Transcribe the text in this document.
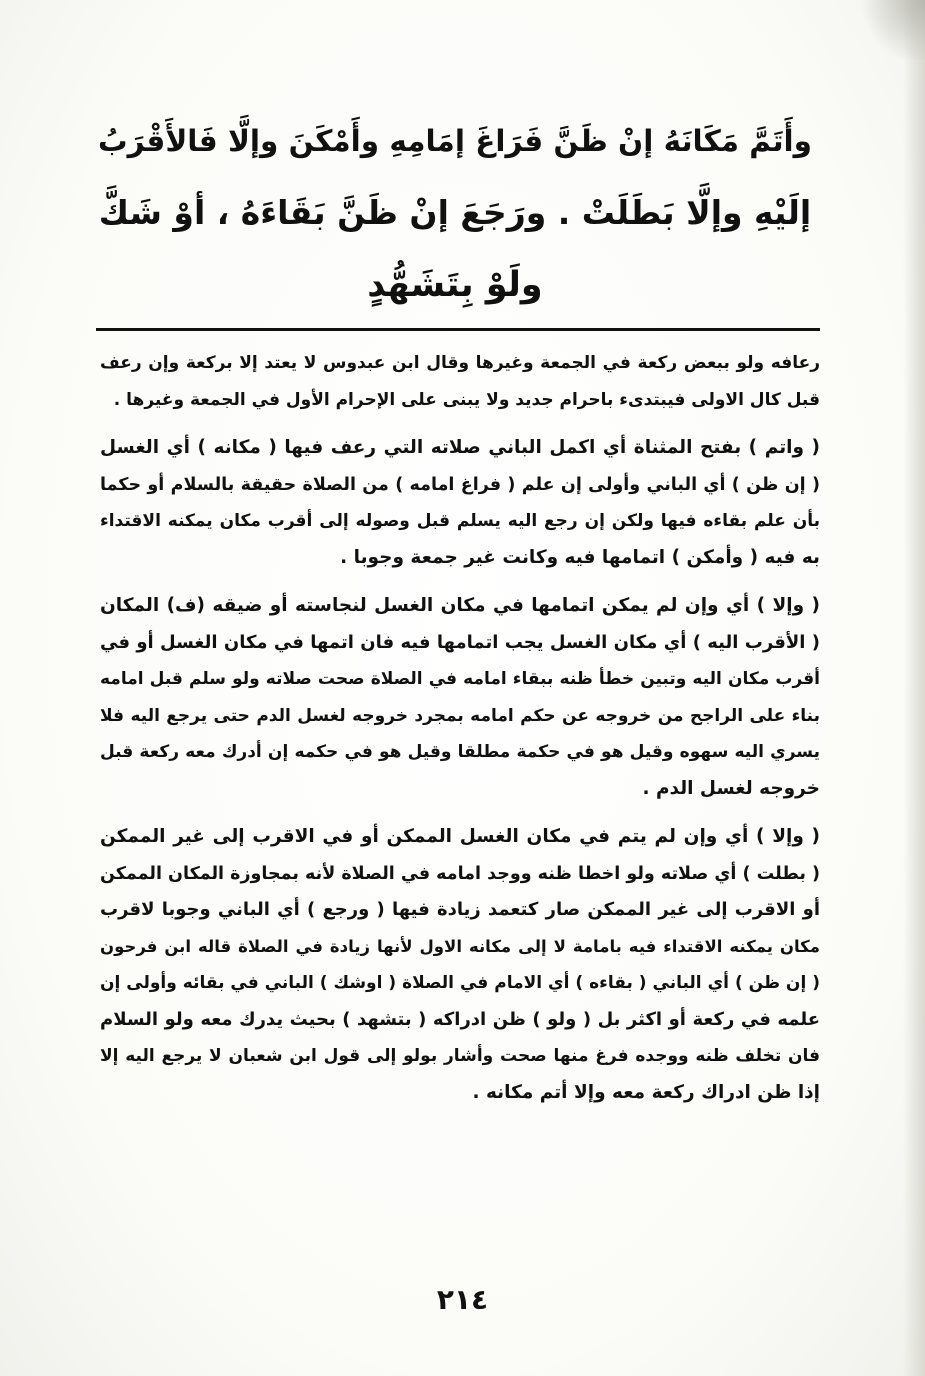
وأَتَمَّ مَكَانَهُ إنْ ظَنَّ فَرَاغَ إمَامِهِ وأَمْكَنَ وإلَّا فَالأَقْرَبُ
إلَيْهِ وإلَّا بَطَلَتْ . ورَجَعَ إنْ ظَنَّ بَقَاءَهُ ، أوْ شَكَّ
ولَوْ بِتَشَهُّدٍ
رعافه ولو ببعض ركعة في الجمعة وغيرها وقال ابن عبدوس لا يعتد إلا بركعة وإن رعف
قبل كال الاولى فيبتدىء باحرام جديد ولا يبنى على الإحرام الأول في الجمعة وغيرها .
( واتم ) بفتح المثناة أي اكمل الباني صلاته التي رعف فيها ( مكانه ) أي الغسل
( إن ظن ) أي الباني وأولى إن علم ( فراغ امامه ) من الصلاة حقيقة بالسلام أو حكما
بأن علم بقاءه فيها ولكن إن رجع اليه يسلم قبل وصوله إلى أقرب مكان يمكنه الاقتداء
به فيه ( وأمكن ) اتمامها فيه وكانت غير جمعة وجوبا .
( وإلا ) أي وإن لم يمكن اتمامها في مكان الغسل لنجاسته أو ضيقه (ف) المكان
( الأقرب اليه ) أي مكان الغسل يجب اتمامها فيه فان اتمها في مكان الغسل أو في
أقرب مكان اليه وتبين خطأ ظنه ببقاء امامه في الصلاة صحت صلاته ولو سلم قبل امامه
بناء على الراجح من خروجه عن حكم امامه بمجرد خروجه لغسل الدم حتى يرجع اليه فلا
يسري اليه سهوه وقيل هو في حكمة مطلقا وقيل هو في حكمه إن أدرك معه ركعة قبل
خروجه لغسل الدم .
( وإلا ) أي وإن لم يتم في مكان الغسل الممكن أو في الاقرب إلى غير الممكن
( بطلت ) أي صلاته ولو اخطا ظنه ووجد امامه في الصلاة لأنه بمجاوزة المكان الممكن
أو الاقرب إلى غير الممكن صار كتعمد زيادة فيها ( ورجع ) أي الباني وجوبا لاقرب
مكان يمكنه الاقتداء فيه بامامة لا إلى مكانه الاول لأنها زيادة في الصلاة قاله ابن فرحون
( إن ظن ) أي الباني ( بقاءه ) أي الامام في الصلاة ( اوشك ) الباني في بقائه وأولى إن
علمه في ركعة أو اكثر بل ( ولو ) ظن ادراكه ( بتشهد ) بحيث يدرك معه ولو السلام
فان تخلف ظنه ووجده فرغ منها صحت وأشار بولو إلى قول ابن شعبان لا يرجع اليه إلا
إذا ظن ادراك ركعة معه وإلا أتم مكانه .
٢١٤
